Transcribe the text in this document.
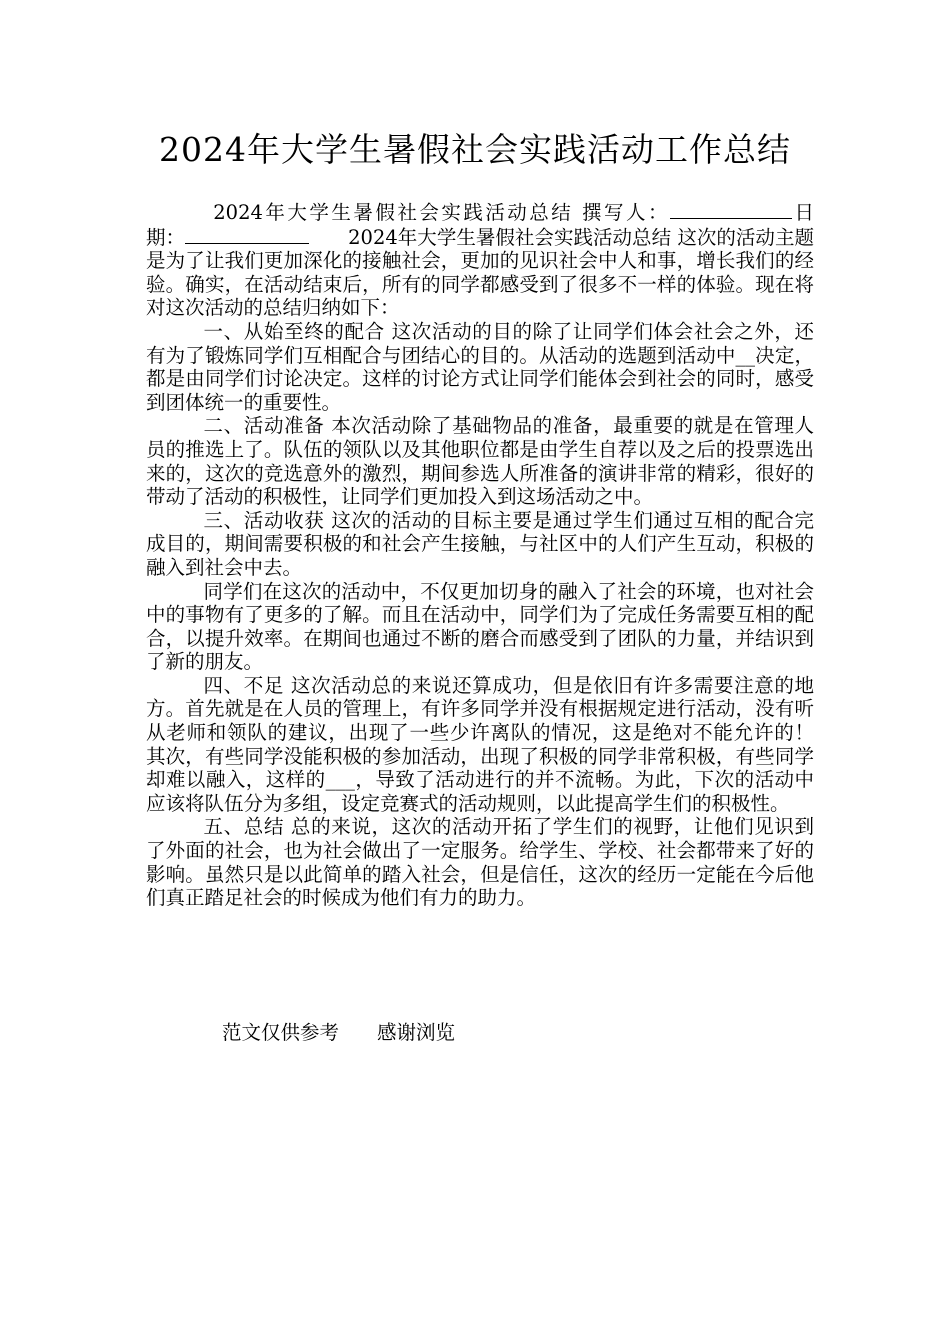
2024年大学生暑假社会实践活动工作总结

2024年大学生暑假社会实践活动总结 撰写人：	日　期：　　	2024年大学生暑假社会实践活动总结 这次的活动主题是为了让我们更加深化的接触社会，更加的见识社会中人和事，增长我们的经验。确实，在活动结束后，所有的同学都感受到了很多不一样的体验。现在将对这次活动的总结归纳如下：

一、从始至终的配合 这次活动的目的除了让同学们体会社会之外，还有为了锻炼同学们互相配合与团结心的目的。从活动的选题到活动中__决定，都是由同学们讨论决定。这样的讨论方式让同学们能体会到社会的同时，感受到团体统一的重要性。

二、活动准备 本次活动除了基础物品的准备，最重要的就是在管理人员的推选上了。队伍的领队以及其他职位都是由学生自荐以及之后的投票选出来的，这次的竞选意外的激烈，期间参选人所准备的演讲非常的精彩，很好的带动了活动的积极性，让同学们更加投入到这场活动之中。

三、活动收获 这次的活动的目标主要是通过学生们通过互相的配合完成目的，期间需要积极的和社会产生接触，与社区中的人们产生互动，积极的融入到社会中去。

同学们在这次的活动中，不仅更加切身的融入了社会的环境，也对社会中的事物有了更多的了解。而且在活动中，同学们为了完成任务需要互相的配合，以提升效率。在期间也通过不断的磨合而感受到了团队的力量，并结识到了新的朋友。

四、不足 这次活动总的来说还算成功，但是依旧有许多需要注意的地方。首先就是在人员的管理上，有许多同学并没有根据规定进行活动，没有听从老师和领队的建议，出现了一些少许离队的情况，这是绝对不能允许的！ 其次，有些同学没能积极的参加活动，出现了积极的同学非常积极，有些同学却难以融入，这样的___，导致了活动进行的并不流畅。为此，下次的活动中应该将队伍分为多组，设定竞赛式的活动规则，以此提高学生们的积极性。

五、总结 总的来说，这次的活动开拓了学生们的视野，让他们见识到了外面的社会，也为社会做出了一定服务。给学生、学校、社会都带来了好的影响。虽然只是以此简单的踏入社会，但是信任，这次的经历一定能在今后他们真正踏足社会的时候成为他们有力的助力。

范文仅供参考 感谢浏览
